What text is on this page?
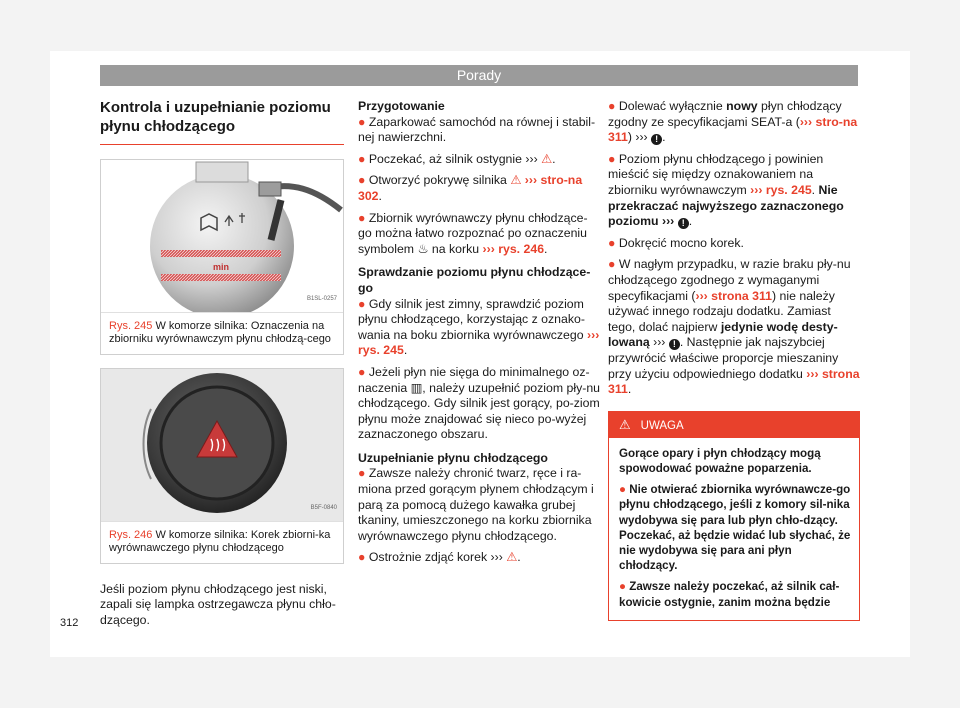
Porady
Kontrola i uzupełnianie poziomu płynu chłodzącego
min
B1SL-0257
Rys. 245 W komorze silnika: Oznaczenia na zbiorniku wyrównawczym płynu chłodzą-cego
B5F-0840
Rys. 246 W komorze silnika: Korek zbiorni-ka wyrównawczego płynu chłodzącego

Jeśli poziom płynu chłodzącego jest niski, zapali się lampka ostrzegawcza płynu chło-dzącego.

Przygotowanie

● Zaparkować samochód na równej i stabil-nej nawierzchni.

● Poczekać, aż silnik ostygnie ››› ⚠.

● Otworzyć pokrywę silnika ⚠ ››› stro-na 302.

● Zbiornik wyrównawczy płynu chłodzące-go można łatwo rozpoznać po oznaczeniu symbolem ♨ na korku ››› rys. 246.

Sprawdzanie poziomu płynu chłodzące-go

● Gdy silnik jest zimny, sprawdzić poziom płynu chłodzącego, korzystając z oznako-wania na boku zbiornika wyrównawczego ››› rys. 245.

● Jeżeli płyn nie sięga do minimalnego oz-naczenia ▥, należy uzupełnić poziom pły-nu chłodzącego. Gdy silnik jest gorący, po-ziom płynu może znajdować się nieco po-wyżej zaznaczonego obszaru.

Uzupełnianie płynu chłodzącego

● Zawsze należy chronić twarz, ręce i ra-miona przed gorącym płynem chłodzącym i parą za pomocą dużego kawałka grubej tkaniny, umieszczonego na korku zbiornika wyrównawczego płynu chłodzącego.

● Ostrożnie zdjąć korek ››› ⚠.

● Dolewać wyłącznie nowy płyn chłodzący zgodny ze specyfikacjami SEAT-a (››› stro-na 311) ››› ! .

● Poziom płynu chłodzącego j powinien mieścić się między oznakowaniem na zbiorniku wyrównawczym ››› rys. 245. Nie przekraczać najwyższego zaznaczonego poziomu ››› ! .

● Dokręcić mocno korek.

● W nagłym przypadku, w razie braku pły-nu chłodzącego zgodnego z wymaganymi specyfikacjami (››› strona 311) nie należy używać innego rodzaju dodatku. Zamiast tego, dolać najpierw jedynie wodę desty-lowaną ››› ! . Następnie jak najszybciej przywrócić właściwe proporcje mieszaniny przy użyciu odpowiedniego dodatku ››› strona 311.

⚠ UWAGA

Gorące opary i płyn chłodzący mogą spowodować poważne poparzenia.

● Nie otwierać zbiornika wyrównawcze-go płynu chłodzącego, jeśli z komory sil-nika wydobywa się para lub płyn chło-dzący. Poczekać, aż będzie widać lub słychać, że nie wydobywa się para ani płyn chłodzący.

● Zawsze należy poczekać, aż silnik cał-kowicie ostygnie, zanim można będzie

312
